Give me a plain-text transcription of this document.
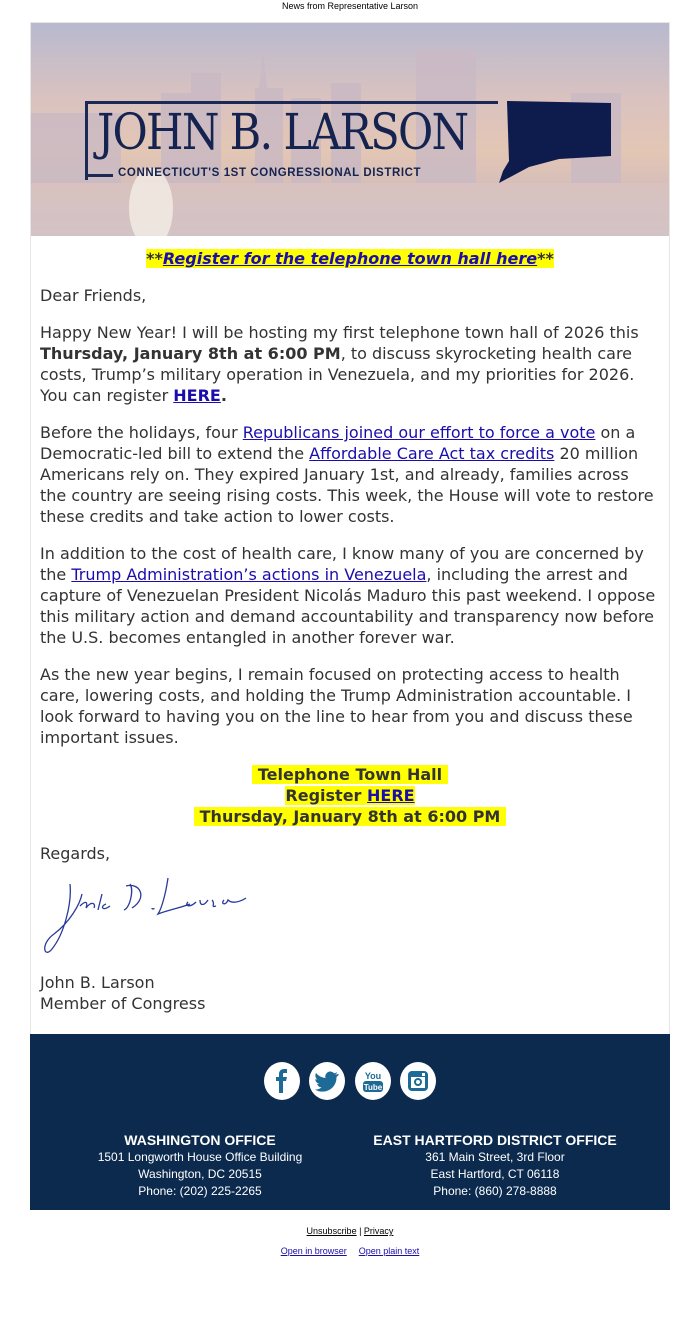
News from Representative Larson
JOHN B. LARSON
CONNECTICUT'S 1ST CONGRESSIONAL DISTRICT

**Register for the telephone town hall here**

Dear Friends,

Happy New Year! I will be hosting my first telephone town hall of 2026 this Thursday, January 8th at 6:00 PM, to discuss skyrocketing health care costs, Trump’s military operation in Venezuela, and my priorities for 2026. You can register HERE.

Before the holidays, four Republicans joined our effort to force a vote on a Democratic-led bill to extend the Affordable Care Act tax credits 20 million Americans rely on. They expired January 1st, and already, families across the country are seeing rising costs. This week, the House will vote to restore these credits and take action to lower costs.

In addition to the cost of health care, I know many of you are concerned by the Trump Administration’s actions in Venezuela, including the arrest and capture of Venezuelan President Nicolás Maduro this past weekend. I oppose this military action and demand accountability and transparency now before the U.S. becomes entangled in another forever war.

As the new year begins, I remain focused on protecting access to health care, lowering costs, and holding the Trump Administration accountable. I look forward to having you on the line to hear from you and discuss these important issues.

Telephone Town Hall
Register HERE
Thursday, January 8th at 6:00 PM

Regards,

John B. Larson
Member of Congress

You
Tube

WASHINGTON OFFICE
1501 Longworth House Office Building
Washington, DC 20515
Phone: (202) 225-2265
EAST HARTFORD DISTRICT OFFICE
361 Main Street, 3rd Floor
East Hartford, CT 06118
Phone: (860) 278-8888
Unsubscribe | Privacy
Open in browser Open plain text
